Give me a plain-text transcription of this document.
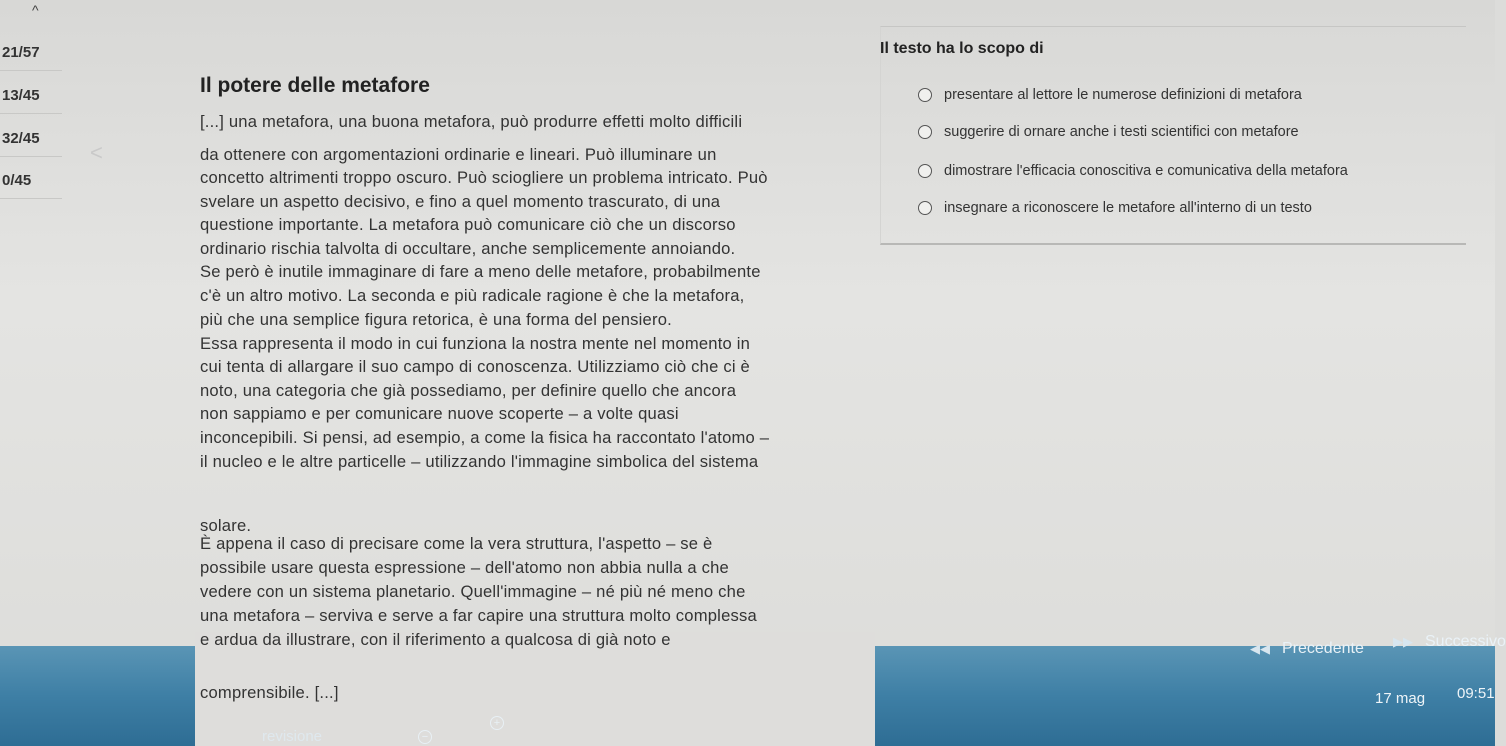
^
21/57
13/45
32/45
0/45
<
Il potere delle metafore
[...] una metafora, una buona metafora, può produrre effetti molto difficili
da ottenere con argomentazioni ordinarie e lineari. Può illuminare un
concetto altrimenti troppo oscuro. Può sciogliere un problema intricato. Può
svelare un aspetto decisivo, e fino a quel momento trascurato, di una
questione importante. La metafora può comunicare ciò che un discorso
ordinario rischia talvolta di occultare, anche semplicemente annoiando.
Se però è inutile immaginare di fare a meno delle metafore, probabilmente
c'è un altro motivo. La seconda e più radicale ragione è che la metafora,
più che una semplice figura retorica, è una forma del pensiero.
Essa rappresenta il modo in cui funziona la nostra mente nel momento in
cui tenta di allargare il suo campo di conoscenza. Utilizziamo ciò che ci è
noto, una categoria che già possediamo, per definire quello che ancora
non sappiamo e per comunicare nuove scoperte – a volte quasi
inconcepibili. Si pensi, ad esempio, a come la fisica ha raccontato l'atomo –
il nucleo e le altre particelle – utilizzando l'immagine simbolica del sistema
solare.
È appena il caso di precisare come la vera struttura, l'aspetto – se è
possibile usare questa espressione – dell'atomo non abbia nulla a che
vedere con un sistema planetario. Quell'immagine – né più né meno che
una metafora – serviva e serve a far capire una struttura molto complessa
e ardua da illustrare, con il riferimento a qualcosa di già noto e
comprensibile. [...]
Il testo ha lo scopo di
presentare al lettore le numerose definizioni di metafora
suggerire di ornare anche i testi scientifici con metafore
dimostrare l'efficacia conoscitiva e comunicativa della metafora
insegnare a riconoscere le metafore all'interno di un testo
◀◀ Precedente ▶▶ Successivo
17 mag 09:51
revisione	−
+
